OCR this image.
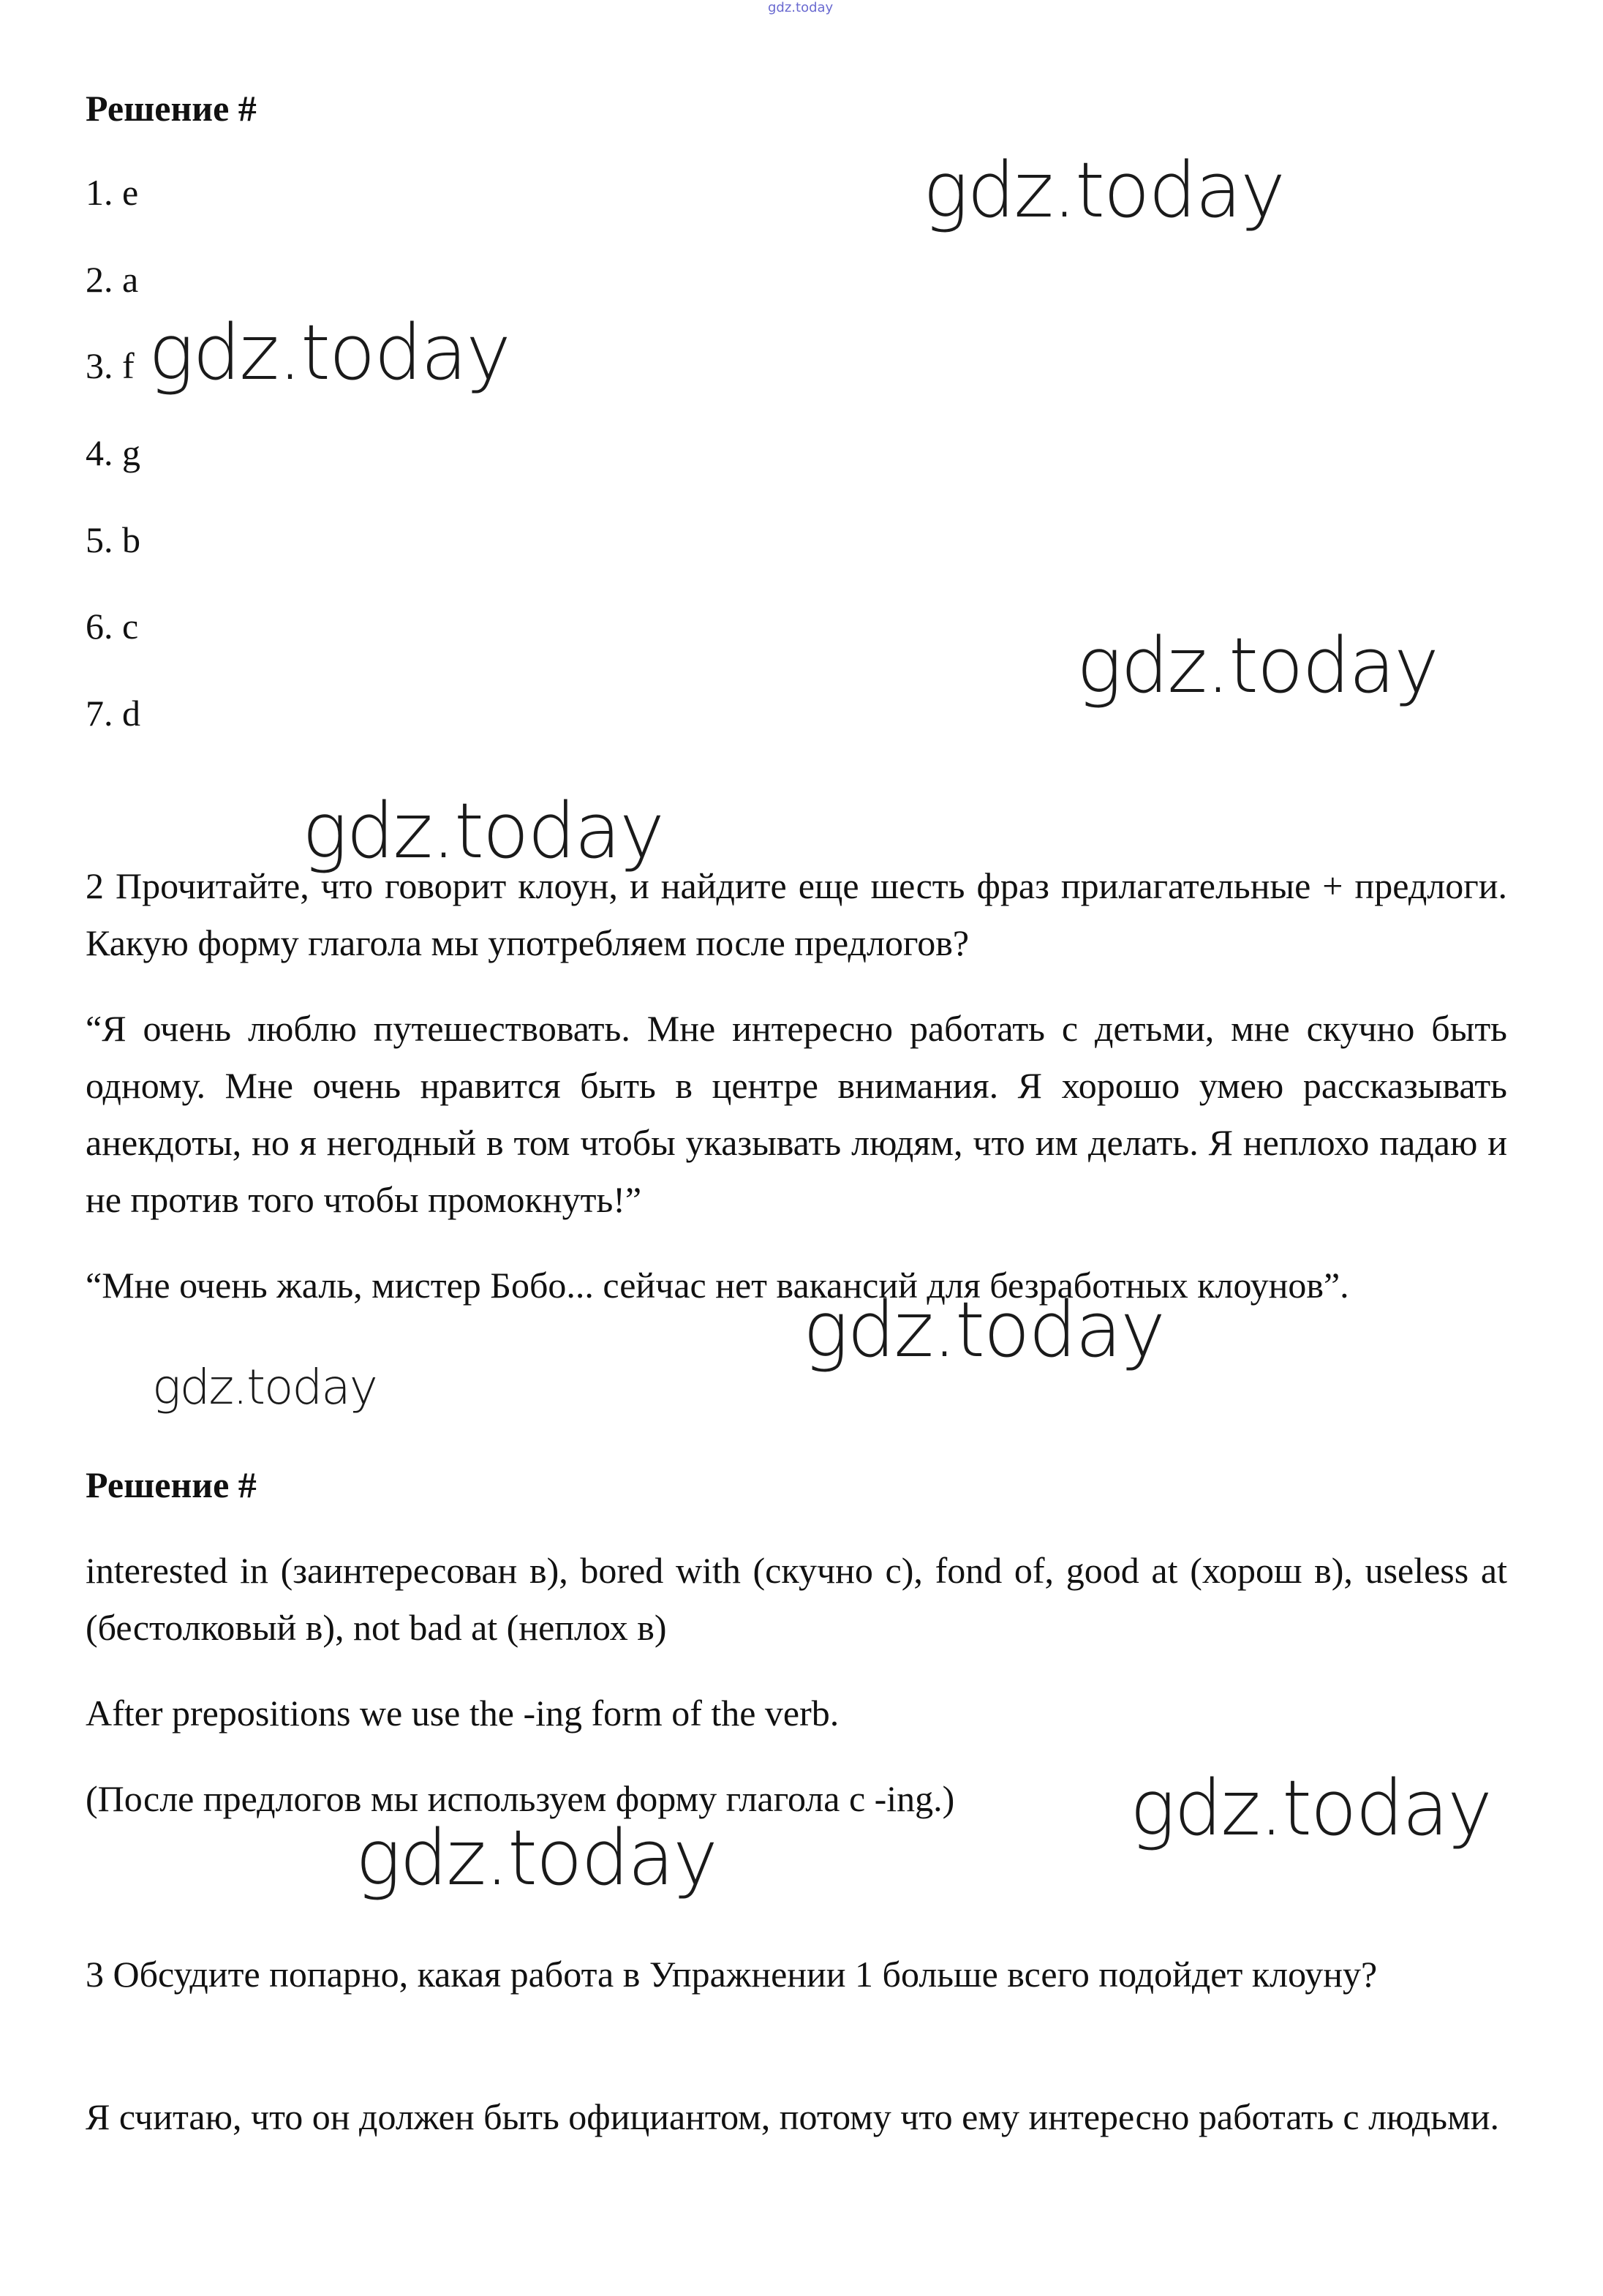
gdz.today

Решение #

1. e

2. a

3. f

4. g

5. b

6. c

7. d

2 Прочитайте, что говорит клоун, и найдите еще шесть фраз прилагательные + предлоги. Какую форму глагола мы употребляем после предлогов?

“Я очень люблю путешествовать. Мне интересно работать с детьми, мне скучно быть одному. Мне очень нравится быть в центре внимания. Я хорошо умею рассказывать анекдоты, но я негодный в том чтобы указывать людям, что им делать. Я неплохо падаю и не против того чтобы промокнуть!”

“Мне очень жаль, мистер Бобо... сейчас нет вакансий для безработных клоунов”.

Решение #

interested in (заинтересован в), bored with (скучно с), fond of, good at (хорош в), useless at (бестолковый в), not bad at (неплох в)

After prepositions we use the -ing form of the verb.

(После предлогов мы используем форму глагола с -ing.)

3 Обсудите попарно, какая работа в Упражнении 1 больше всего подойдет клоуну?

Я считаю, что он должен быть официантом, потому что ему интересно работать с людьми.

gdz.today
gdz.today
gdz.today
gdz.today
gdz.today
gdz.today
gdz.today
gdz.today
